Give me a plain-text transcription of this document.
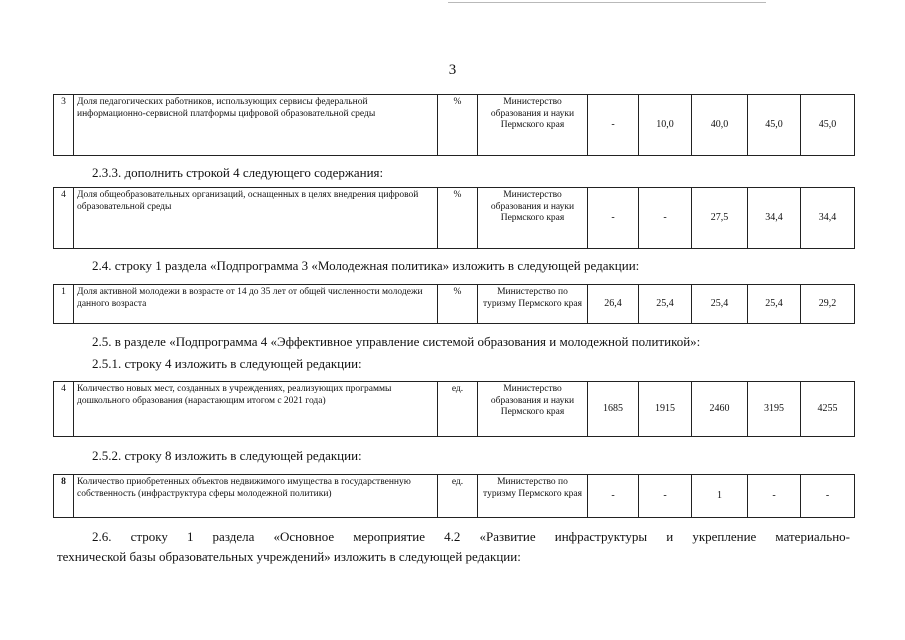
3
3	Доля педагогических работников, использующих сервисы федеральной информационно-сервисной платформы цифровой образовательной среды	%	Министерство образования и науки Пермского края	-	10,0	40,0	45,0	45,0
2.3.3. дополнить строкой 4 следующего содержания:
4	Доля общеобразовательных организаций, оснащенных в целях внедрения цифровой образовательной среды	%	Министерство образования и науки Пермского края	-	-	27,5	34,4	34,4
2.4. строку 1 раздела «Подпрограмма 3 «Молодежная политика» изложить в следующей редакции:
1	Доля активной молодежи в возрасте от 14 до 35 лет от общей численности молодежи данного возраста	%	Министерство по туризму Пермского края	26,4	25,4	25,4	25,4	29,2
2.5. в разделе «Подпрограмма 4 «Эффективное управление системой образования и молодежной политикой»:
2.5.1. строку 4 изложить в следующей редакции:
4	Количество новых мест, созданных в учреждениях, реализующих программы дошкольного образования (нарастающим итогом с 2021 года)	ед.	Министерство образования и науки Пермского края	1685	1915	2460	3195	4255
2.5.2. строку 8 изложить в следующей редакции:
8	Количество приобретенных объектов недвижимого имущества в государственную собственность (инфраструктура сферы молодежной политики)	ед.	Министерство по туризму Пермского края	-	-	1	-	-
2.6. строку 1 раздела «Основное мероприятие 4.2 «Развитие инфраструктуры и укрепление материально-
технической базы образовательных учреждений» изложить в следующей редакции:
